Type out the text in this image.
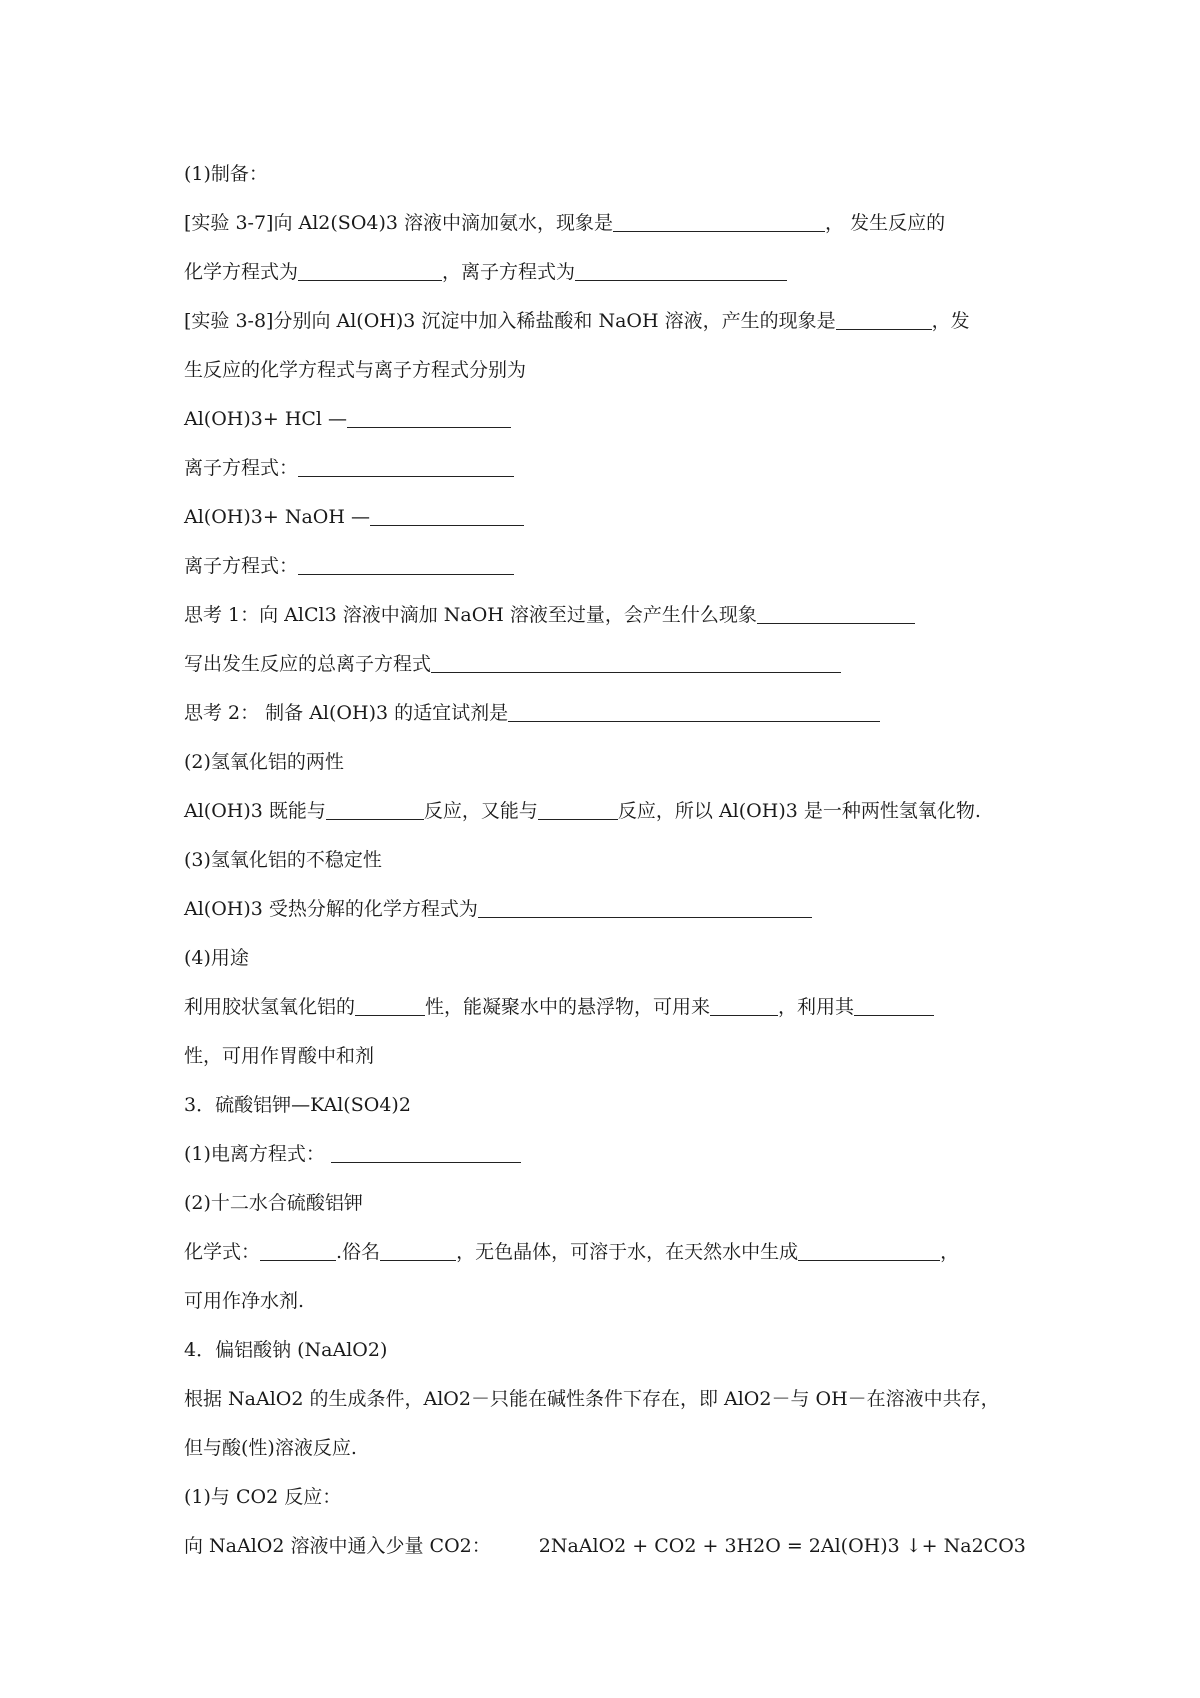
(1)制备：
[实验 3-7]向 Al2(SO4)3 溶液中滴加氨水，现象是	， 发生反应的
化学方程式为	，离子方程式为
[实验 3-8]分别向 Al(OH)3 沉淀中加入稀盐酸和 NaOH 溶液，产生的现象是	，发
生反应的化学方程式与离子方程式分别为
Al(OH)3+ HCl —
离子方程式：
Al(OH)3+ NaOH —
离子方程式：
思考 1：向 AlCl3 溶液中滴加 NaOH 溶液至过量，会产生什么现象
写出发生反应的总离子方程式
思考 2： 制备 Al(OH)3 的适宜试剂是
(2)氢氧化铝的两性
Al(OH)3 既能与	反应，又能与	反应，所以 Al(OH)3 是一种两性氢氧化物.
(3)氢氧化铝的不稳定性
Al(OH)3 受热分解的化学方程式为
(4)用途
利用胶状氢氧化铝的	性，能凝聚水中的悬浮物，可用来	，利用其
性，可用作胃酸中和剂
3．硫酸铝钾—KAl(SO4)2
(1)电离方程式：
(2)十二水合硫酸铝钾
化学式：	.俗名	，无色晶体，可溶于水，在天然水中生成	，
可用作净水剂.
4．偏铝酸钠 (NaAlO2)
根据 NaAlO2 的生成条件，AlO2－只能在碱性条件下存在，即 AlO2－与 OH－在溶液中共存，
但与酸(性)溶液反应.
(1)与 CO2 反应：
向 NaAlO2 溶液中通入少量 CO2：	2NaAlO2 + CO2 + 3H2O = 2Al(OH)3 ↓+ Na2CO3
